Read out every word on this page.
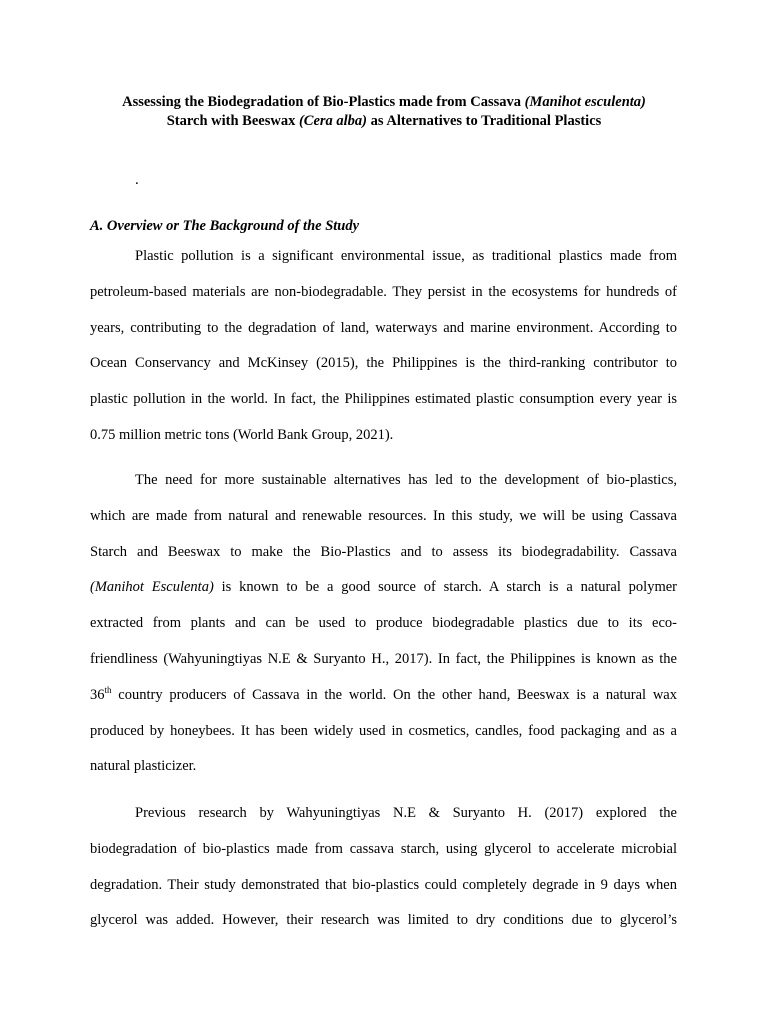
Assessing the Biodegradation of Bio-Plastics made from Cassava (Manihot esculenta)
Starch with Beeswax (Cera alba) as Alternatives to Traditional Plastics
.
A. Overview or The Background of the Study
Plastic pollution is a significant environmental issue, as traditional plastics made from
petroleum-based materials are non-biodegradable. They persist in the ecosystems for hundreds of
years, contributing to the degradation of land, waterways and marine environment. According to
Ocean Conservancy and McKinsey (2015), the Philippines is the third-ranking contributor to
plastic pollution in the world. In fact, the Philippines estimated plastic consumption every year is
0.75 million metric tons (World Bank Group, 2021).
The need for more sustainable alternatives has led to the development of bio-plastics,
which are made from natural and renewable resources. In this study, we will be using Cassava
Starch and Beeswax to make the Bio-Plastics and to assess its biodegradability. Cassava
(Manihot Esculenta) is known to be a good source of starch. A starch is a natural polymer
extracted from plants and can be used to produce biodegradable plastics due to its eco-
friendliness (Wahyuningtiyas N.E & Suryanto H., 2017). In fact, the Philippines is known as the
36th country producers of Cassava in the world. On the other hand, Beeswax is a natural wax
produced by honeybees. It has been widely used in cosmetics, candles, food packaging and as a
natural plasticizer.
Previous research by Wahyuningtiyas N.E & Suryanto H. (2017) explored the
biodegradation of bio-plastics made from cassava starch, using glycerol to accelerate microbial
degradation. Their study demonstrated that bio-plastics could completely degrade in 9 days when
glycerol was added. However, their research was limited to dry conditions due to glycerol’s
